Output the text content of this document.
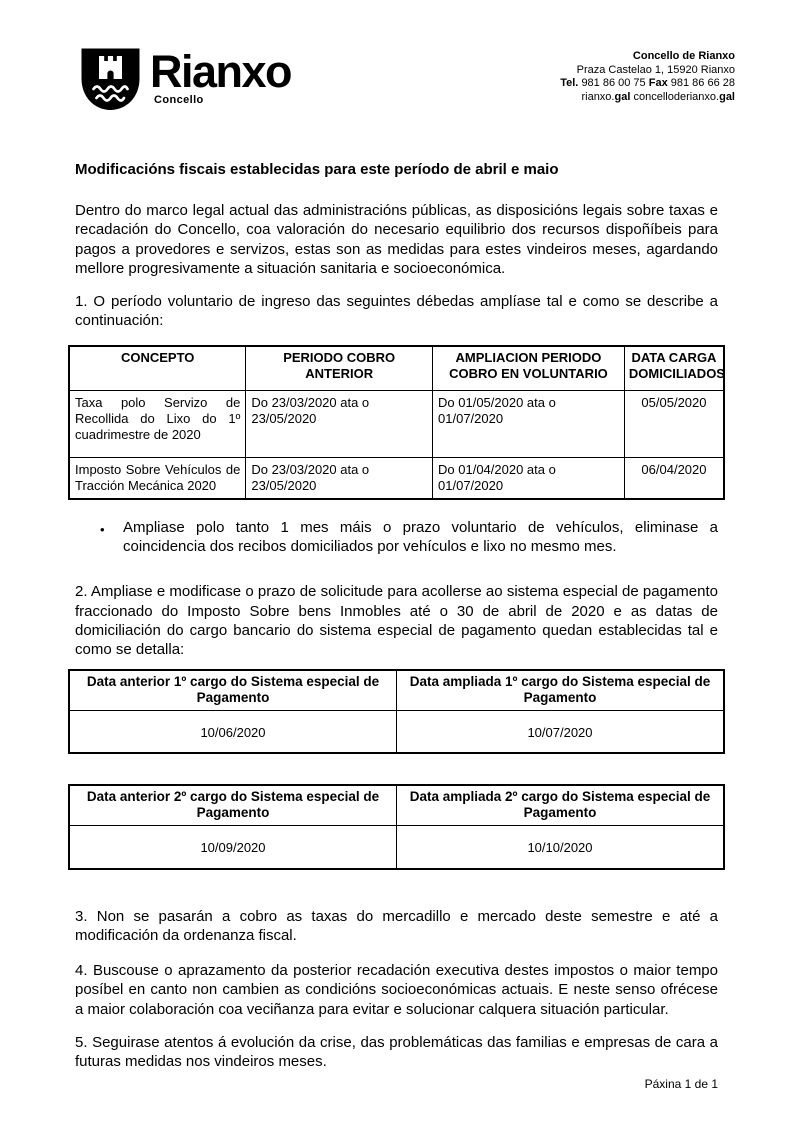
Rianxo
Concello
Concello de Rianxo
Praza Castelao 1, 15920 Rianxo
Tel. 981 86 00 75 Fax 981 86 66 28
rianxo.gal concelloderianxo.gal
Modificacións fiscais establecidas para este período de abril e maio

Dentro do marco legal actual das administracións públicas, as disposicións legais sobre taxas e recadación do Concello, coa valoración do necesario equilibrio dos recursos dispoñíbeis para pagos a provedores e servizos, estas son as medidas para estes vindeiros meses, agardando mellore progresivamente a situación sanitaria e socioeconómica.

1. O período voluntario de ingreso das seguintes débedas amplíase tal e como se describe a continuación:

CONCEPTO	PERIODO COBRO ANTERIOR	AMPLIACION PERIODO COBRO EN VOLUNTARIO	DATA CARGA DOMICILIADOS
Taxa polo Servizo de Recollida do Lixo do 1º cuadrimestre de 2020	Do 23/03/2020 ata o 23/05/2020	Do 01/05/2020 ata o 01/07/2020	05/05/2020
Imposto Sobre Vehículos de Tracción Mecánica 2020	Do 23/03/2020 ata o 23/05/2020	Do 01/04/2020 ata o 01/07/2020	06/04/2020
•	Ampliase polo tanto 1 mes máis o prazo voluntario de vehículos, eliminase a coincidencia dos recibos domiciliados por vehículos e lixo no mesmo mes.

2. Ampliase e modificase o prazo de solicitude para acollerse ao sistema especial de pagamento fraccionado do Imposto Sobre bens Inmobles até o 30 de abril de 2020 e as datas de domiciliación do cargo bancario do sistema especial de pagamento quedan establecidas tal e como se detalla:

Data anterior 1º cargo do Sistema especial de Pagamento	Data ampliada 1º cargo do Sistema especial de Pagamento
10/06/2020	10/07/2020
Data anterior 2º cargo do Sistema especial de Pagamento	Data ampliada 2º cargo do Sistema especial de Pagamento
10/09/2020	10/10/2020

3. Non se pasarán a cobro as taxas do mercadillo e mercado deste semestre e até a modificación da ordenanza fiscal.

4. Buscouse o aprazamento da posterior recadación executiva destes impostos o maior tempo posíbel en canto non cambien as condicións socioeconómicas actuais. E neste senso ofrécese a maior colaboración coa veciñanza para evitar e solucionar calquera situación particular.

5. Seguirase atentos á evolución da crise, das problemáticas das familias e empresas de cara a futuras medidas nos vindeiros meses.

Páxina 1 de 1
